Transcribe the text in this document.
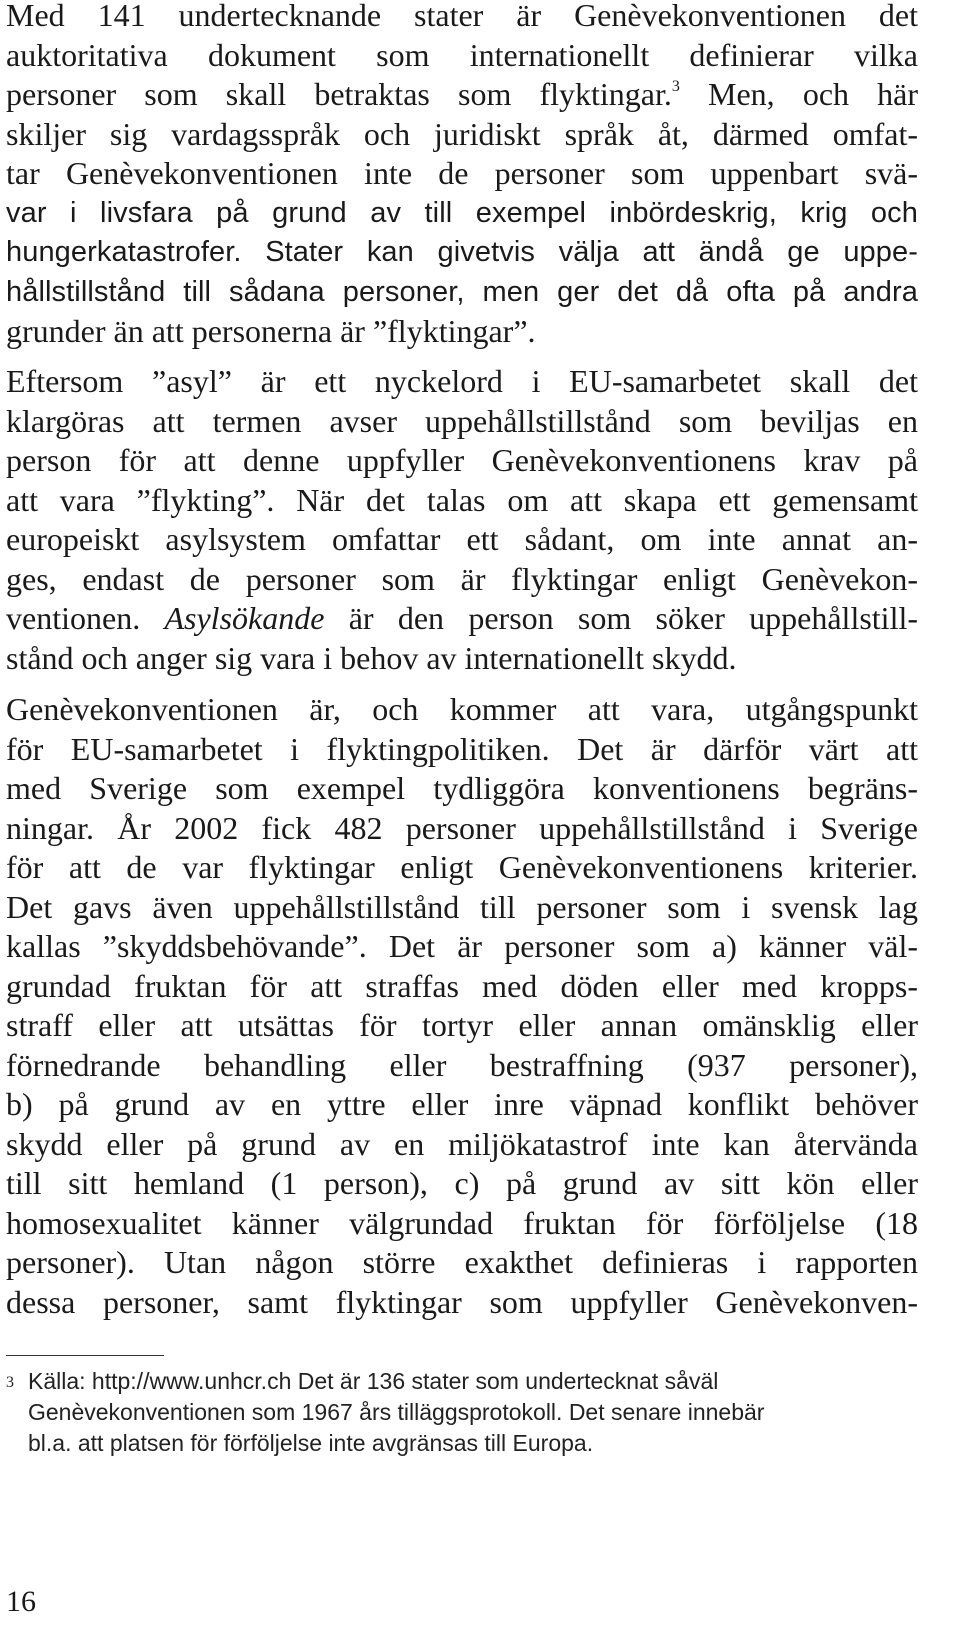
Med 141 undertecknande stater är Genèvekonventionen det
auktoritativa dokument som internationellt definierar vilka
personer som skall betraktas som flyktingar.$^3$ Men, och här
skiljer sig vardagsspråk och juridiskt språk åt, därmed omfat-
tar Genèvekonventionen inte de personer som uppenbart svä-
var i livsfara på grund av till exempel inbördeskrig, krig och
hungerkatastrofer. Stater kan givetvis välja att ändå ge uppe-
hållstillstånd till sådana personer, men ger det då ofta på andra
grunder än att personerna är ”flyktingar”.
Eftersom ”asyl” är ett nyckelord i EU-samarbetet skall det
klargöras att termen avser uppehållstillstånd som beviljas en
person för att denne uppfyller Genèvekonventionens krav på
att vara ”flykting”. När det talas om att skapa ett gemensamt
europeiskt asylsystem omfattar ett sådant, om inte annat an-
ges, endast de personer som är flyktingar enligt Genèvekon-
ventionen. Asylsökande är den person som söker uppehållstill-
stånd och anger sig vara i behov av internationellt skydd.
Genèvekonventionen är, och kommer att vara, utgångspunkt
för EU-samarbetet i flyktingpolitiken. Det är därför värt att
med Sverige som exempel tydliggöra konventionens begräns-
ningar. År 2002 fick 482 personer uppehållstillstånd i Sverige
för att de var flyktingar enligt Genèvekonventionens kriterier.
Det gavs även uppehållstillstånd till personer som i svensk lag
kallas ”skyddsbehövande”. Det är personer som a) känner väl-
grundad fruktan för att straffas med döden eller med kropps-
straff eller att utsättas för tortyr eller annan omänsklig eller
förnedrande behandling eller bestraffning (937 personer),
b) på grund av en yttre eller inre väpnad konflikt behöver
skydd eller på grund av en miljökatastrof inte kan återvända
till sitt hemland (1 person), c) på grund av sitt kön eller
homosexualitet känner välgrundad fruktan för förföljelse (18
personer). Utan någon större exakthet definieras i rapporten
dessa personer, samt flyktingar som uppfyller Genèvekonven-
3 Källa: http://www.unhcr.ch Det är 136 stater som undertecknat såväl
Genèvekonventionen som 1967 års tilläggsprotokoll. Det senare innebär
bl.a. att platsen för förföljelse inte avgränsas till Europa.
16
